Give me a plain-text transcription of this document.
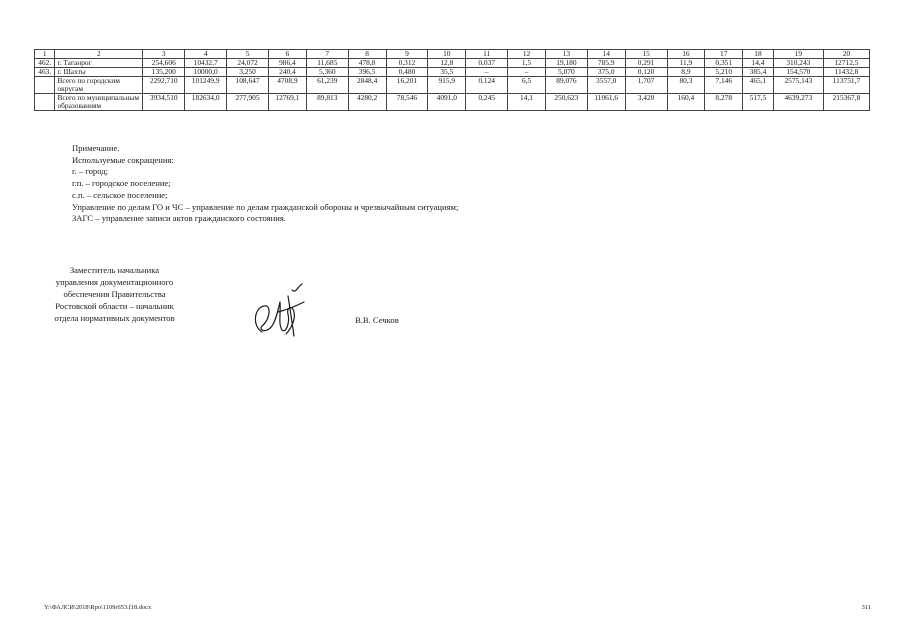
1	2	3	4	5	6	7	8	9	10	11	12	13	14	15	16	17	18	19	20
462.	г. Таганрог	254,606	10432,7	24,072	986,4	11,685	478,8	0,312	12,8	0,037	1,5	19,180	785,9	0,291	11,9	0,351	14,4	310,243	12712,5
463.	г. Шахты	135,200	10000,0	3,250	240,4	5,360	396,5	0,480	35,5	–	–	5,070	375,0	0,120	8,9	5,210	385,4	154,570	11432,8
	Всего по городским округам	2292,710	101249,9	108,647	4708,9	61,239	2848,4	16,201	915,9	0,124	6,5	89,076	3557,0	1,707	80,3	7,146	465,1	2575,143	113751,7
	Всего по муниципальным образованиям	3934,510	182634,0	277,905	12769,1	89,813	4280,2	78,546	4091,0	0,245	14,1	250,623	11061,6	3,420	160,4	8,278	517,5	4639,273	215367,8
Примечание.
Используемые сокращения:
г. – город;
г.п. – городское поселение;
с.п. – сельское поселение;
Управление по делам ГО и ЧС – управление по делам гражданской обороны и чрезвычайным ситуациям;
ЗАГС – управление записи актов гражданского состояния.
Заместитель начальника
управления документационного
обеспечения Правительства
Ростовской области – начальник
отдела нормативных документов	В.В. Сечков
Y:\ФАЛСИ\2018\Rpo\1109r653.f18.docx	311
